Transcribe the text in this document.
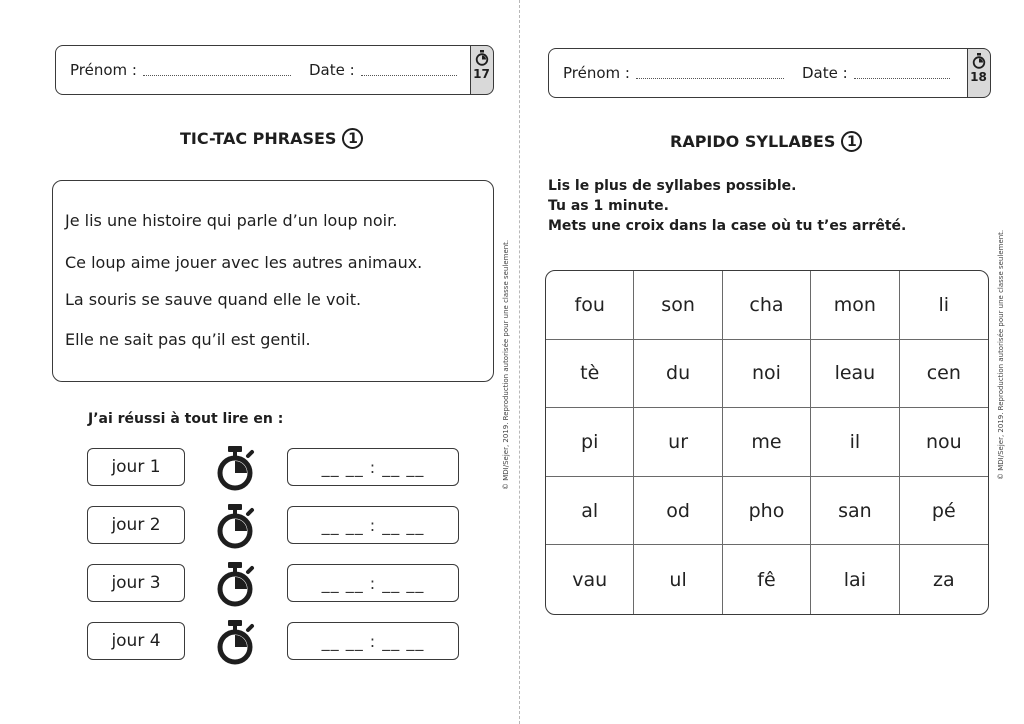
Prénom :	Date :	17
TIC-TAC PHRASES 1
Je lis une histoire qui parle d’un loup noir.
Ce loup aime jouer avec les autres animaux.
La souris se sauve quand elle le voit.
Elle ne sait pas qu’il est gentil.
J’ai réussi à tout lire en :
jour 1	__ __ : __ __
jour 2	__ __ : __ __
jour 3	__ __ : __ __
jour 4	__ __ : __ __
© MDI/Sejer, 2019. Reproduction autorisée pour une classe seulement.
Prénom :	Date :	18
RAPIDO SYLLABES 1
Lis le plus de syllabes possible.
Tu as 1 minute.
Mets une croix dans la case où tu t’es arrêté.
fou	son	cha	mon	li
tè	du	noi	leau	cen
pi	ur	me	il	nou
al	od	pho	san	pé
vau	ul	fê	lai	za
© MDI/Sejer, 2019. Reproduction autorisée pour une classe seulement.
